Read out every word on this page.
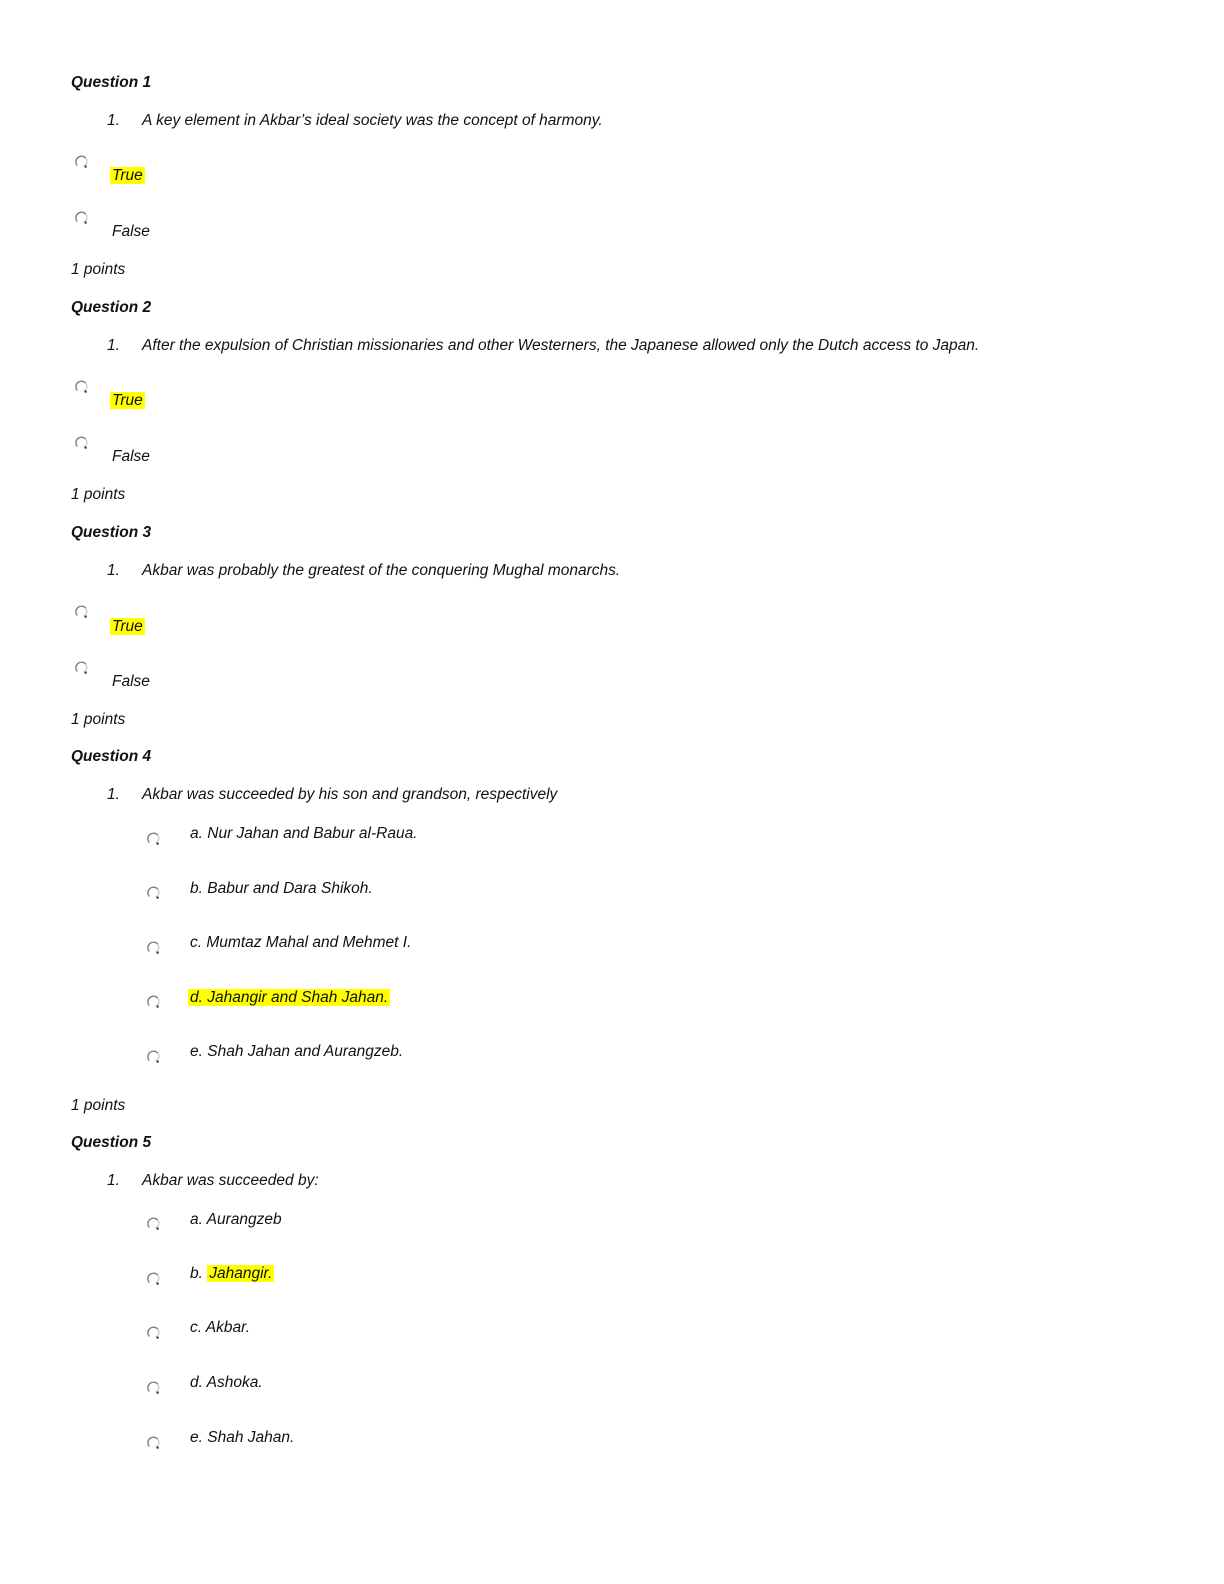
Question 1
1. A key element in Akbar’s ideal society was the concept of harmony.
True
False
1 points
Question 2
1. After the expulsion of Christian missionaries and other Westerners, the Japanese allowed only the Dutch access to Japan.
True
False
1 points
Question 3
1. Akbar was probably the greatest of the conquering Mughal monarchs.
True
False
1 points
Question 4
1. Akbar was succeeded by his son and grandson, respectively
a. Nur Jahan and Babur al-Raua.
b. Babur and Dara Shikoh.
c. Mumtaz Mahal and Mehmet I.
d. Jahangir and Shah Jahan.
e. Shah Jahan and Aurangzeb.
1 points
Question 5
1. Akbar was succeeded by:
a. Aurangzeb
b. Jahangir.
c. Akbar.
d. Ashoka.
e. Shah Jahan.
